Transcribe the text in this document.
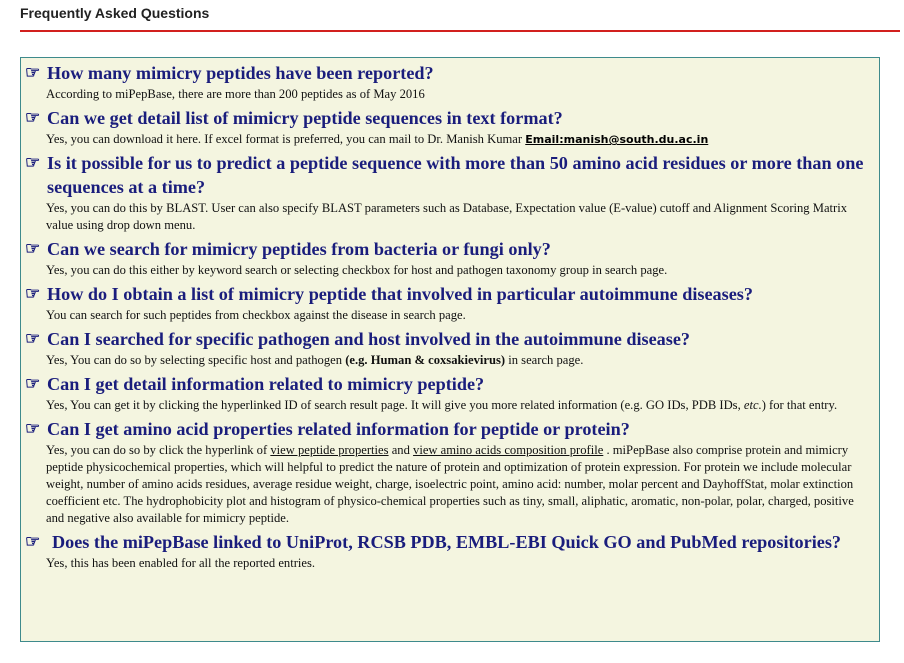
Frequently Asked Questions
☞ How many mimicry peptides have been reported?
According to miPepBase, there are more than 200 peptides as of May 2016
☞ Can we get detail list of mimicry peptide sequences in text format?
Yes, you can download it here. If excel format is preferred, you can mail to Dr. Manish Kumar Email:manish@south.du.ac.in
☞ Is it possible for us to predict a peptide sequence with more than 50 amino acid residues or more than one sequences at a time?
Yes, you can do this by BLAST. User can also specify BLAST parameters such as Database, Expectation value (E-value) cutoff and Alignment Scoring Matrix value using drop down menu.
☞ Can we search for mimicry peptides from bacteria or fungi only?
Yes, you can do this either by keyword search or selecting checkbox for host and pathogen taxonomy group in search page.
☞ How do I obtain a list of mimicry peptide that involved in particular autoimmune diseases?
You can search for such peptides from checkbox against the disease in search page.
☞ Can I searched for specific pathogen and host involved in the autoimmune disease?
Yes, You can do so by selecting specific host and pathogen (e.g. Human & coxsakievirus) in search page.
☞ Can I get detail information related to mimicry peptide?
Yes, You can get it by clicking the hyperlinked ID of search result page. It will give you more related information (e.g. GO IDs, PDB IDs, etc.) for that entry.
☞ Can I get amino acid properties related information for peptide or protein?
Yes, you can do so by click the hyperlink of view peptide properties and view amino acids composition profile . miPepBase also comprise protein and mimicry peptide physicochemical properties, which will helpful to predict the nature of protein and optimization of protein expression. For protein we include molecular weight, number of amino acids residues, average residue weight, charge, isoelectric point, amino acid: number, molar percent and DayhoffStat, molar extinction coefficient etc. The hydrophobicity plot and histogram of physico-chemical properties such as tiny, small, aliphatic, aromatic, non-polar, polar, charged, positive and negative also available for mimicry peptide.
☞ Does the miPepBase linked to UniProt, RCSB PDB, EMBL-EBI Quick GO and PubMed repositories?
Yes, this has been enabled for all the reported entries.
